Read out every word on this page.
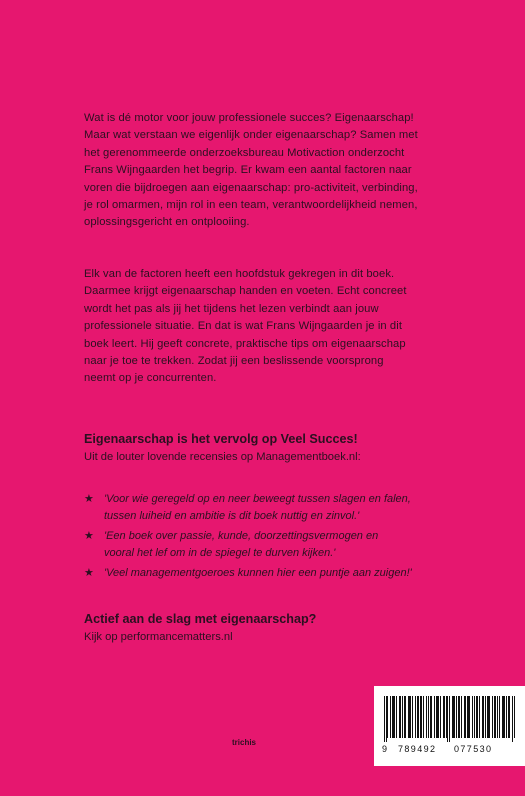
Wat is dé motor voor jouw professionele succes? Eigenaarschap!
Maar wat verstaan we eigenlijk onder eigenaarschap? Samen met
het gerenommeerde onderzoeksbureau Motivaction onderzocht
Frans Wijngaarden het begrip. Er kwam een aantal factoren naar
voren die bijdroegen aan eigenaarschap: pro-activiteit, verbinding,
je rol omarmen, mijn rol in een team, verantwoordelijkheid nemen,
oplossingsgericht en ontplooiing.
Elk van de factoren heeft een hoofdstuk gekregen in dit boek.
Daarmee krijgt eigenaarschap handen en voeten. Echt concreet
wordt het pas als jij het tijdens het lezen verbindt aan jouw
professionele situatie. En dat is wat Frans Wijngaarden je in dit
boek leert. Hij geeft concrete, praktische tips om eigenaarschap
naar je toe te trekken. Zodat jij een beslissende voorsprong
neemt op je concurrenten.
Eigenaarschap is het vervolg op Veel Succes!
Uit de louter lovende recensies op Managementboek.nl:
★ 'Voor wie geregeld op en neer beweegt tussen slagen en falen,
tussen luiheid en ambitie is dit boek nuttig en zinvol.'
★ 'Een boek over passie, kunde, doorzettingsvermogen en
vooral het lef om in de spiegel te durven kijken.'
★ 'Veel managementgoeroes kunnen hier een puntje aan zuigen!'
Actief aan de slag met eigenaarschap?
Kijk op performancematters.nl
trichis
9 789492 077530
